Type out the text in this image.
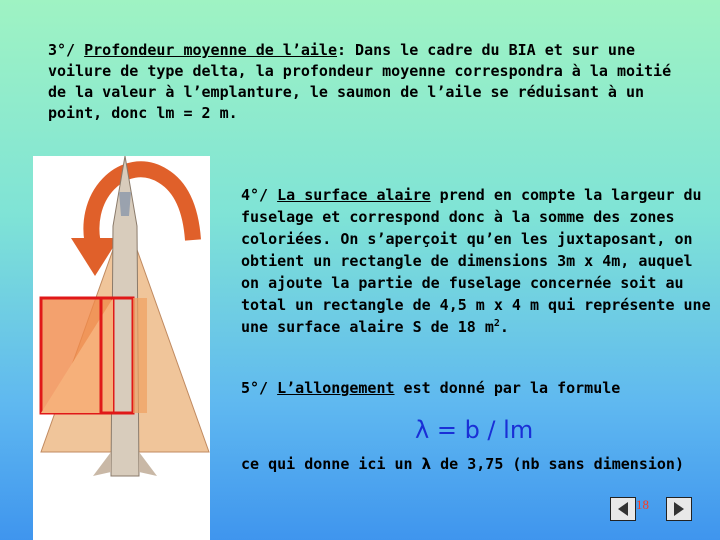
3°/ Profondeur moyenne de l’aile: Dans le cadre du BIA et sur une voilure de type delta, la profondeur moyenne correspondra à la moitié de la valeur à l’emplanture, le saumon de l’aile se réduisant à un point, donc lm = 2 m.
4°/ La surface alaire prend en compte la largeur du fuselage et correspond donc à la somme des zones coloriées. On s’aperçoit qu’en les juxtaposant, on obtient un rectangle de dimensions 3m x 4m, auquel on ajoute la partie de fuselage concernée soit au total un rectangle de 4,5 m x 4 m qui représente une une surface alaire S de 18 $m^2$.
5°/ L’allongement est donné par la formule
λ = b / lm
ce qui donne ici un λ de 3,75 (nb sans dimension)
18
